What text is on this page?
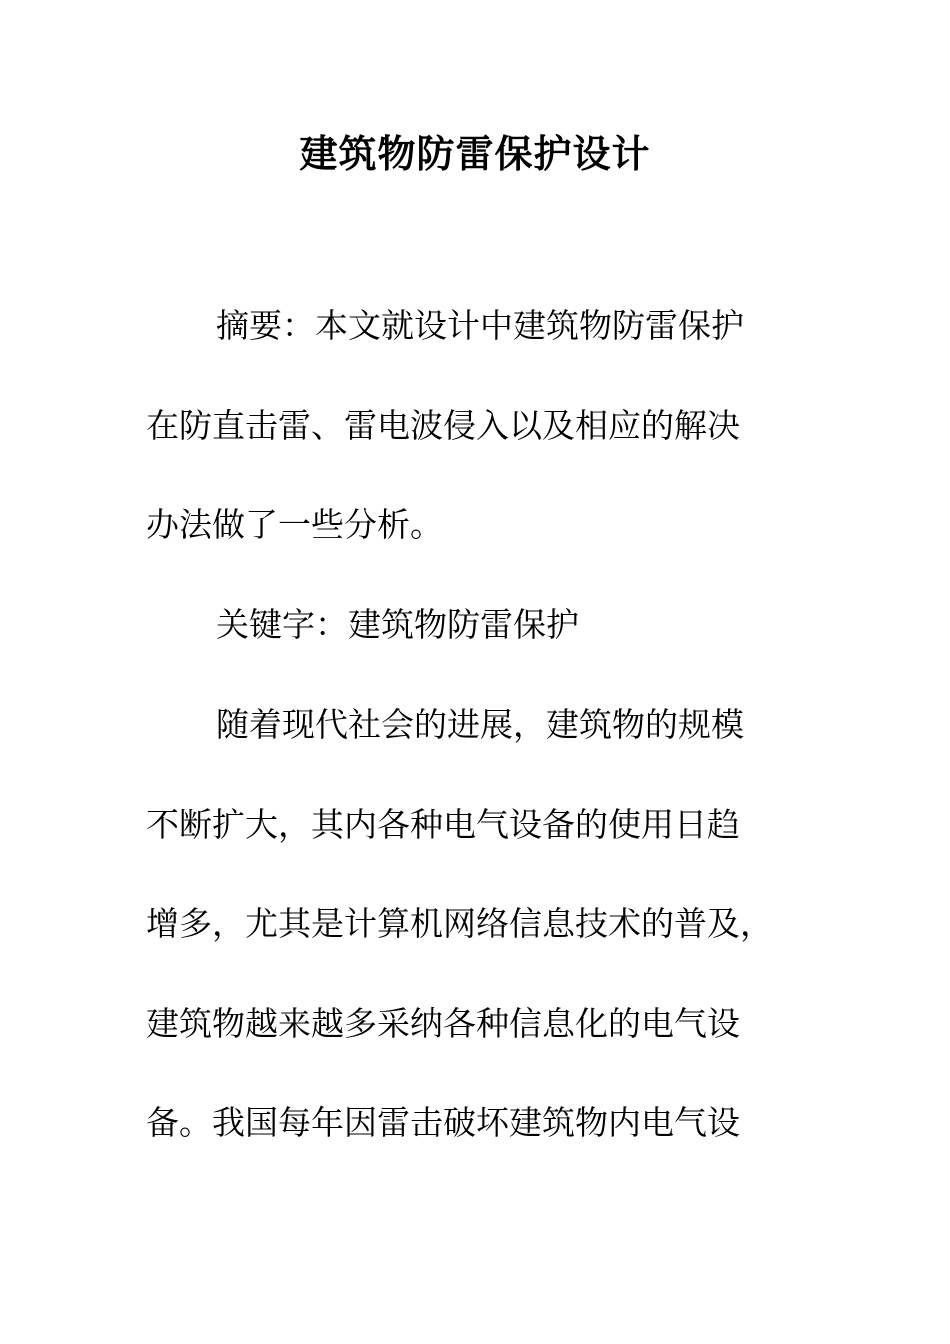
建筑物防雷保护设计
摘要：本文就设计中建筑物防雷保护
在防直击雷、雷电波侵入以及相应的解决
办法做了一些分析。
关键字：建筑物防雷保护
随着现代社会的进展，建筑物的规模
不断扩大，其内各种电气设备的使用日趋
增多，尤其是计算机网络信息技术的普及，
建筑物越来越多采纳各种信息化的电气设
备。我国每年因雷击破坏建筑物内电气设
